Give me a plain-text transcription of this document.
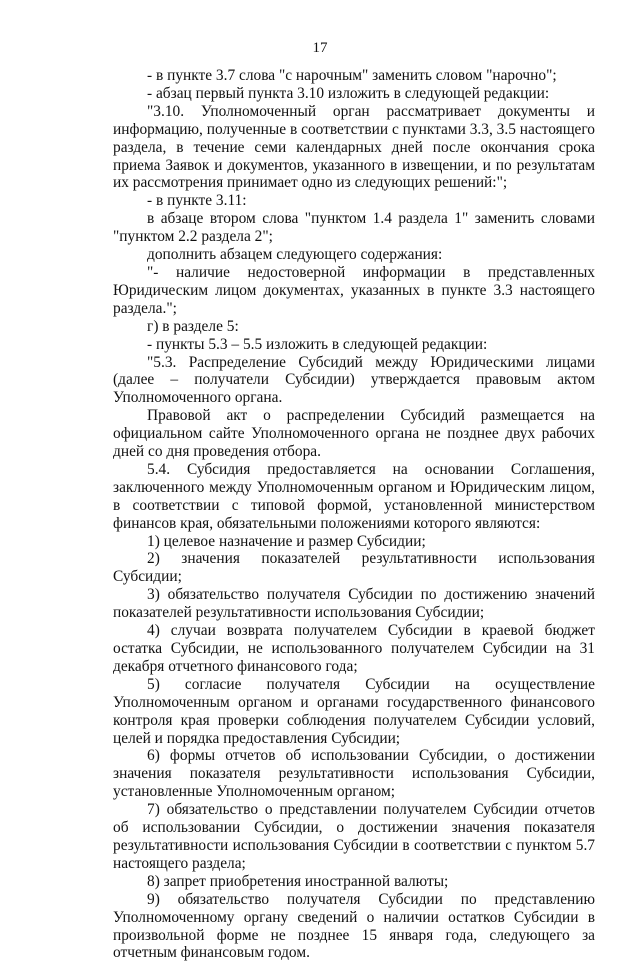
17

- в пункте 3.7 слова "с нарочным" заменить словом "нарочно";

- абзац первый пункта 3.10 изложить в следующей редакции:

"3.10. Уполномоченный орган рассматривает документы и информацию, полученные в соответствии с пунктами 3.3, 3.5 настоящего раздела, в течение семи календарных дней после окончания срока приема Заявок и документов, указанного в извещении, и по результатам их рассмотрения принимает одно из следующих решений:";

- в пункте 3.11:

в абзаце втором слова "пунктом 1.4 раздела 1" заменить словами "пунктом 2.2 раздела 2";

дополнить абзацем следующего содержания:

"- наличие недостоверной информации в представленных Юридическим лицом документах, указанных в пункте 3.3 настоящего раздела.";

г) в разделе 5:

- пункты 5.3 – 5.5 изложить в следующей редакции:

"5.3. Распределение Субсидий между Юридическими лицами (далее – получатели Субсидии) утверждается правовым актом Уполномоченного органа.

Правовой акт о распределении Субсидий размещается на официальном сайте Уполномоченного органа не позднее двух рабочих дней со дня проведения отбора.

5.4. Субсидия предоставляется на основании Соглашения, заключенного между Уполномоченным органом и Юридическим лицом, в соответствии с типовой формой, установленной министерством финансов края, обязательными положениями которого являются:

1) целевое назначение и размер Субсидии;

2) значения показателей результативности использования Субсидии;

3) обязательство получателя Субсидии по достижению значений показателей результативности использования Субсидии;

4) случаи возврата получателем Субсидии в краевой бюджет остатка Субсидии, не использованного получателем Субсидии на 31 декабря отчетного финансового года;

5) согласие получателя Субсидии на осуществление Уполномоченным органом и органами государственного финансового контроля края проверки соблюдения получателем Субсидии условий, целей и порядка предоставления Субсидии;

6) формы отчетов об использовании Субсидии, о достижении значения показателя результативности использования Субсидии, установленные Уполномоченным органом;

7) обязательство о представлении получателем Субсидии отчетов об использовании Субсидии, о достижении значения показателя результативности использования Субсидии в соответствии с пунктом 5.7 настоящего раздела;

8) запрет приобретения иностранной валюты;

9) обязательство получателя Субсидии по представлению Уполномоченному органу сведений о наличии остатков Субсидии в произвольной форме не позднее 15 января года, следующего за отчетным финансовым годом.
